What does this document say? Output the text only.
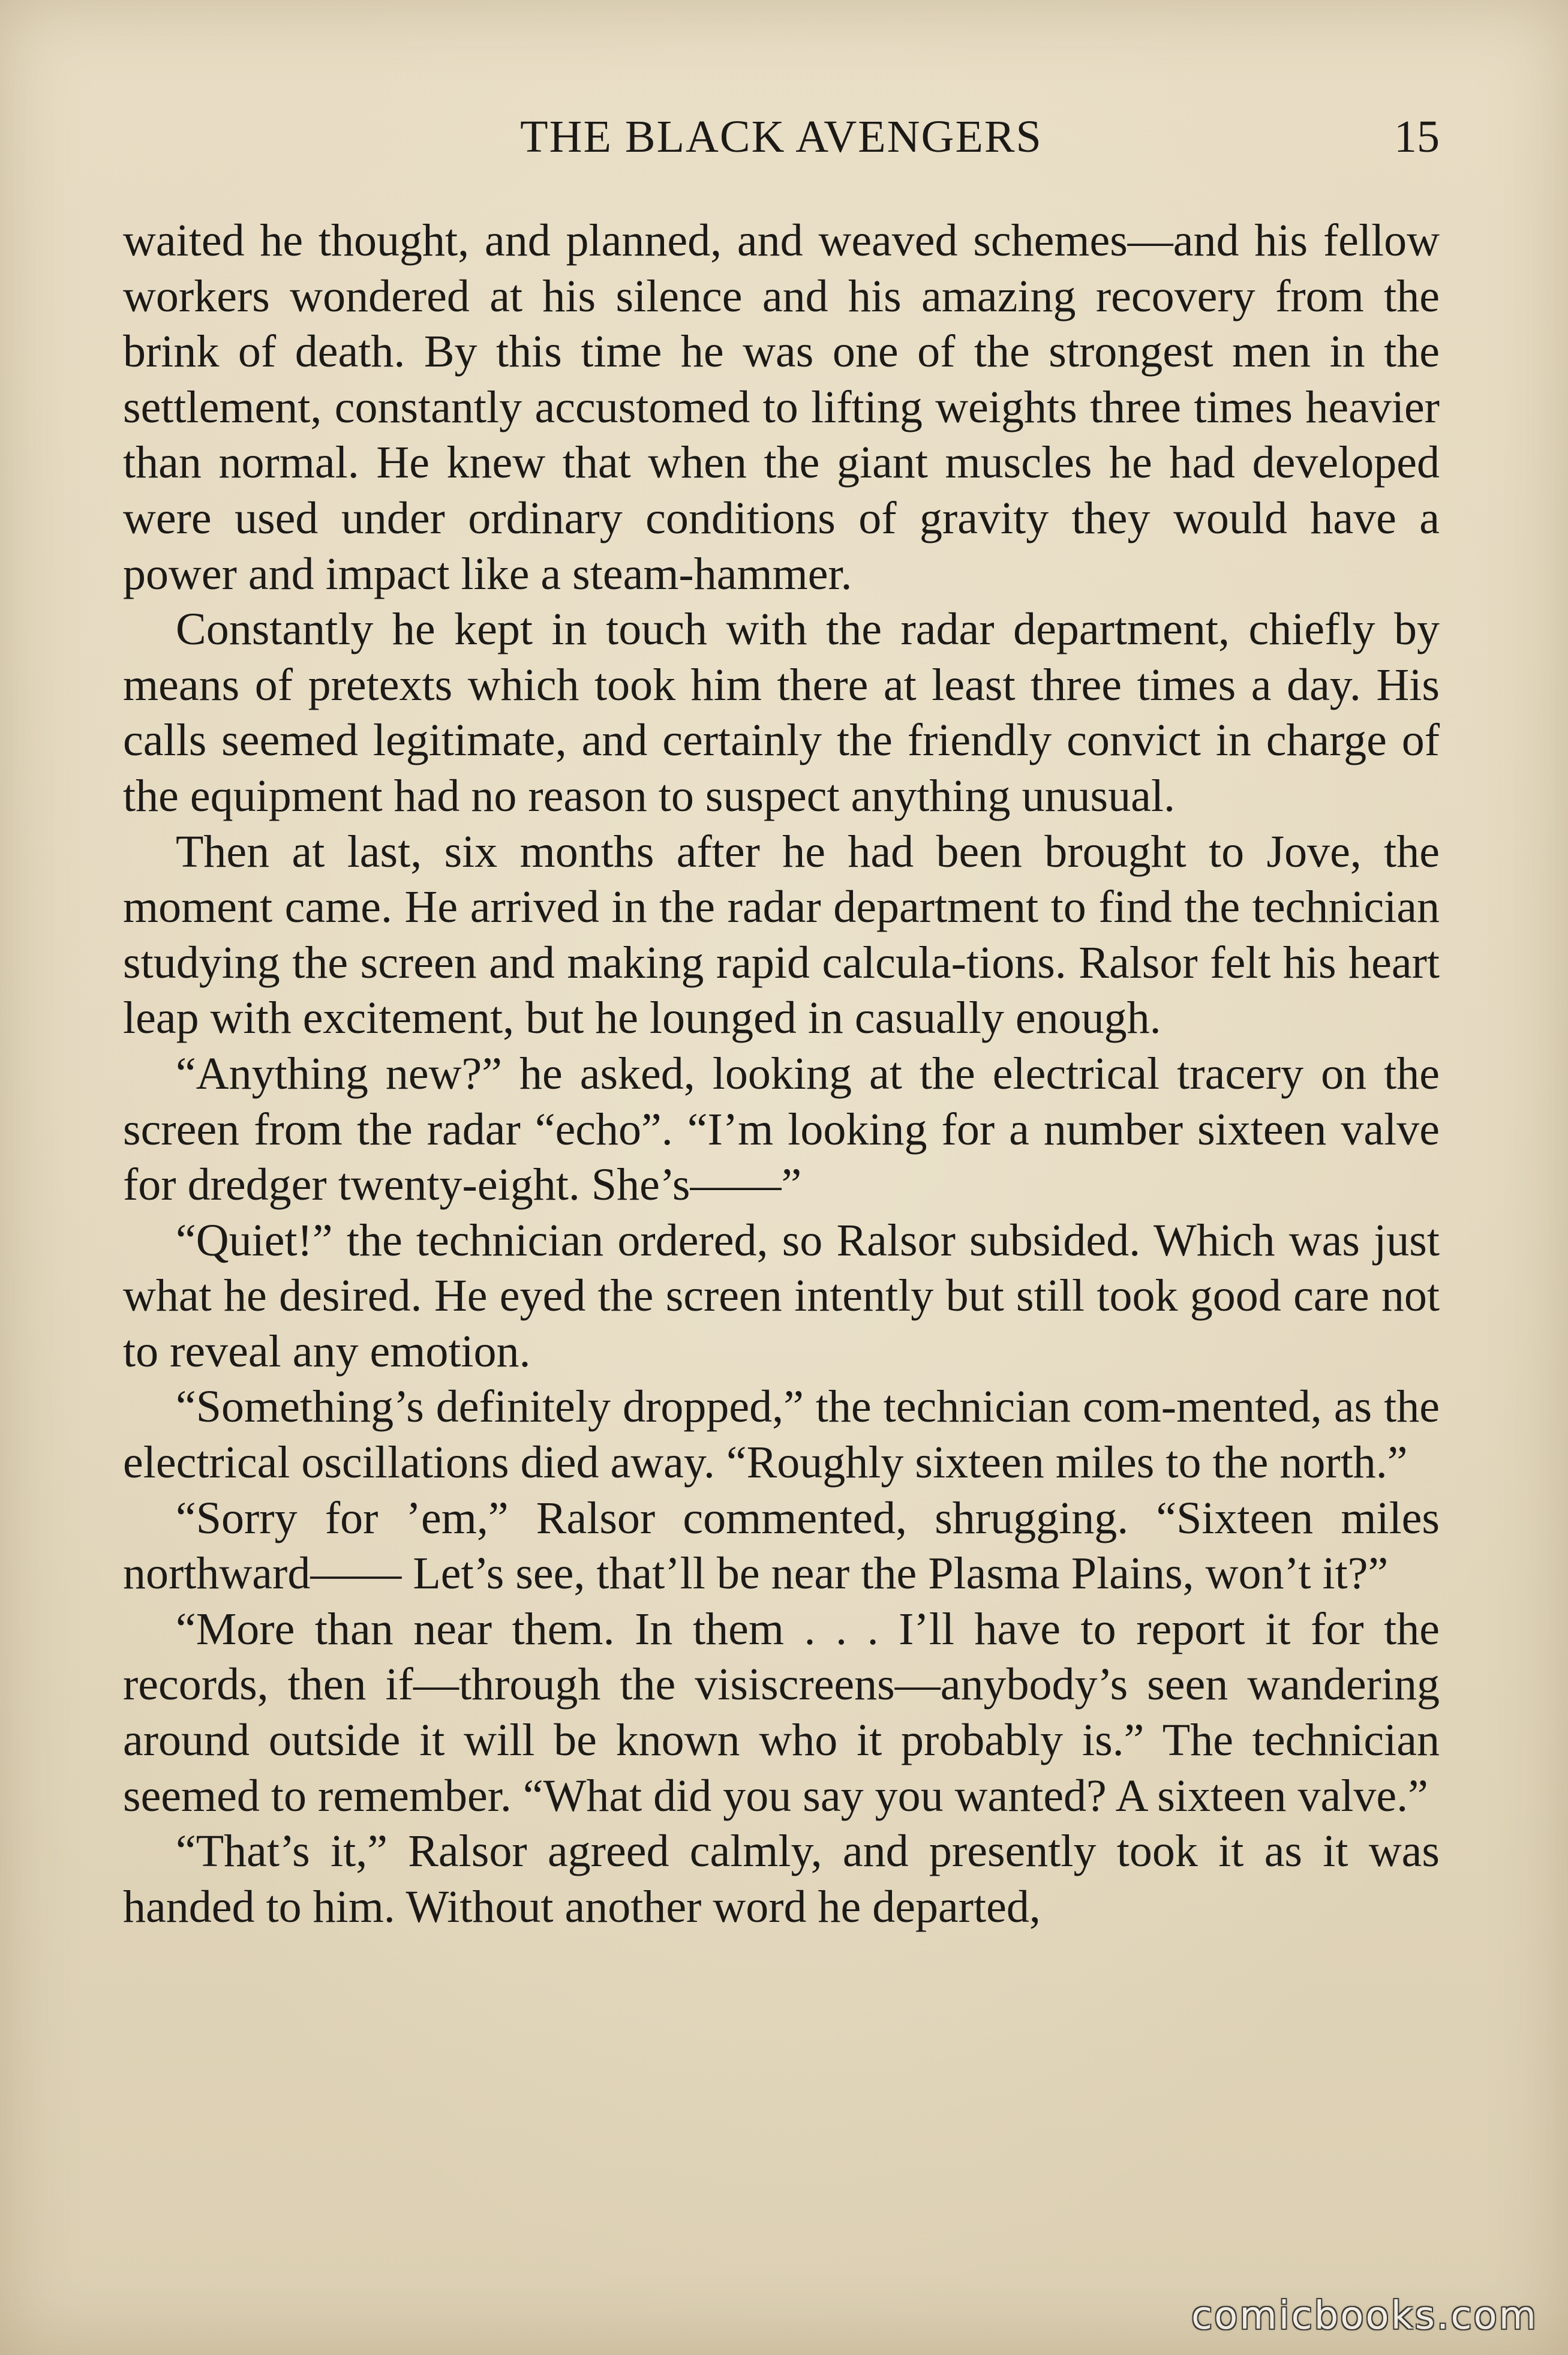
THE BLACK AVENGERS	15

waited he thought, and planned, and weaved schemes—and his fellow workers wondered at his silence and his amazing recovery from the brink of death. By this time he was one of the strongest men in the settlement, constantly accustomed to lifting weights three times heavier than normal. He knew that when the giant muscles he had developed were used under ordinary conditions of gravity they would have a power and impact like a steam-hammer.

Constantly he kept in touch with the radar department, chiefly by means of pretexts which took him there at least three times a day. His calls seemed legitimate, and certainly the friendly convict in charge of the equipment had no reason to suspect anything unusual.

Then at last, six months after he had been brought to Jove, the moment came. He arrived in the radar department to find the technician studying the screen and making rapid calcula-tions. Ralsor felt his heart leap with excitement, but he lounged in casually enough.

“Anything new?” he asked, looking at the electrical tracery on the screen from the radar “echo”. “I’m looking for a number sixteen valve for dredger twenty-eight. She’s——”

“Quiet!” the technician ordered, so Ralsor subsided. Which was just what he desired. He eyed the screen intently but still took good care not to reveal any emotion.

“Something’s definitely dropped,” the technician com-mented, as the electrical oscillations died away. “Roughly sixteen miles to the north.”

“Sorry for ’em,” Ralsor commented, shrugging. “Sixteen miles northward—— Let’s see, that’ll be near the Plasma Plains, won’t it?”

“More than near them. In them . . . I’ll have to report it for the records, then if—through the visiscreens—anybody’s seen wandering around outside it will be known who it probably is.” The technician seemed to remember. “What did you say you wanted? A sixteen valve.”

“That’s it,” Ralsor agreed calmly, and presently took it as it was handed to him. Without another word he departed,

comicbooks.com
